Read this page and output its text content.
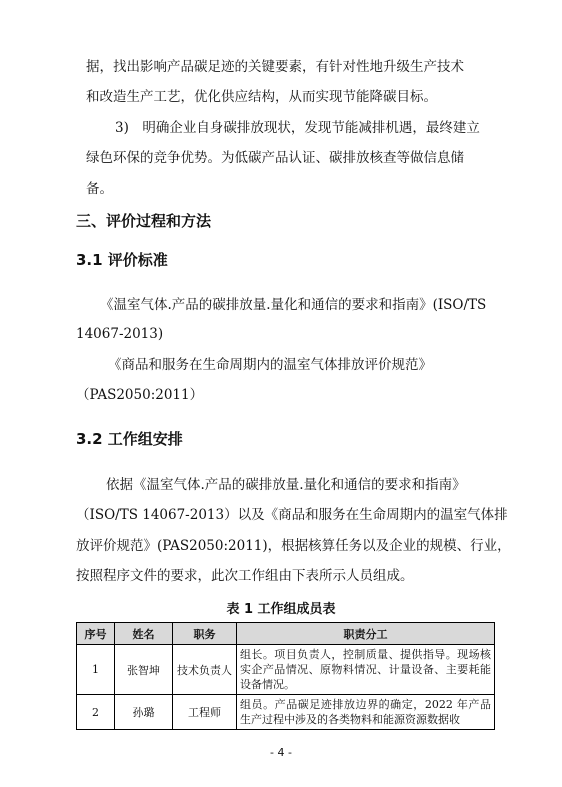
据，找出影响产品碳足迹的关键要素，有针对性地升级生产技术
和改造生产工艺，优化供应结构，从而实现节能降碳目标。
3)　明确企业自身碳排放现状，发现节能减排机遇，最终建立
绿色环保的竞争优势。为低碳产品认证、碳排放核查等做信息储
备。
三、评价过程和方法
3.1 评价标准
《温室气体.产品的碳排放量.量化和通信的要求和指南》(ISO/TS
14067-2013)
《商品和服务在生命周期内的温室气体排放评价规范》
（PAS2050:2011）
3.2 工作组安排
依据《温室气体.产品的碳排放量.量化和通信的要求和指南》
（ISO/TS 14067-2013）以及《商品和服务在生命周期内的温室气体排
放评价规范》(PAS2050:2011)，根据核算任务以及企业的规模、行业，
按照程序文件的要求，此次工作组由下表所示人员组成。
表 1 工作组成员表
序号	姓名	职务	职责分工
1	张智坤	技术负责人	组长。项目负责人，控制质量、提供指导。现场核实企产品情况、原物料情况、计量设备、主要耗能设备情况。
2	孙璐	工程师	组员。产品碳足迹排放边界的确定，2022 年产品生产过程中涉及的各类物料和能源资源数据收
- 4 -
